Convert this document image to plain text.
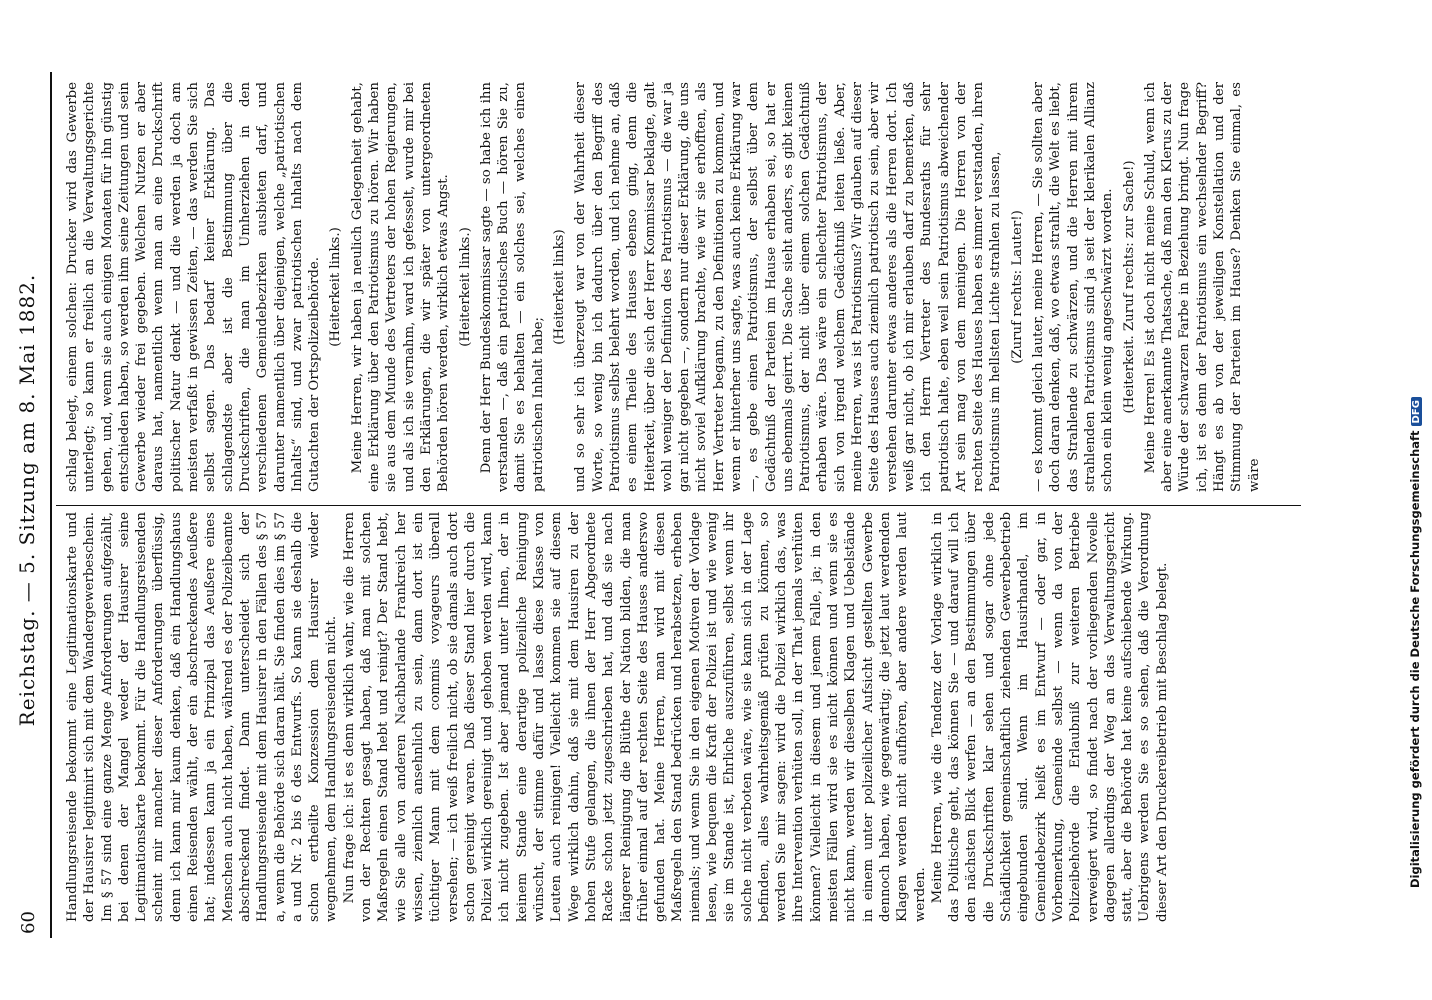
60
Reichstag. — 5. Sitzung am 8. Mai 1882. Handlungsreisende bekommt eine Legitimationskarte und der Hausirer legitimirt sich mit dem Wandergewerbeschein. Im § 57 sind eine ganze Menge Anforderungen aufgezählt, bei denen der Mangel weder der Hausirer seine Legitimationskarte bekommt. Für die Handlungsreisenden scheint mir mancher dieser Anforderungen überflüssig, denn ich kann mir kaum denken, daß ein Handlungshaus einen Reisenden wählt, der ein abschreckendes Aeußere hat; indessen kann ja ein Prinzipal das Aeußere eines Menschen auch nicht haben, während es der Polizeibeamte abschreckend findet. Dann unterscheidet sich der Handlungsreisende mit dem Hausirer in den Fällen des § 57 a, wenn die Behörde sich daran hält. Sie finden dies im § 57 a und Nr. 2 bis 6 des Entwurfs. So kann sie deshalb die schon ertheilte Konzession dem Hausirer wieder wegnehmen, dem Handlungsreisenden nicht. Nun frage ich: ist es denn wirklich wahr, wie die Herren von der Rechten gesagt haben, daß man mit solchen Maßregeln einen Stand hebt und reinigt? Der Stand hebt, wie Sie alle von anderen Nachbarlande Frankreich her wissen, ziemlich ansehnlich zu sein, dann dort ist ein tüchtiger Mann mit dem commis voyageurs überall versehen; — ich weiß freilich nicht, ob sie damals auch dort schon gereinigt waren. Daß dieser Stand hier durch die Polizei wirklich gereinigt und gehoben werden wird, kann ich nicht zugeben. Ist aber jemand unter Ihnen, der in keinem Stande eine derartige polizeiliche Reinigung wünscht, der stimme dafür und lasse diese Klasse von Leuten auch reinigen! Vielleicht kommen sie auf diesem Wege wirklich dahin, daß sie mit dem Hausiren zu der hohen Stufe gelangen, die ihnen der Herr Abgeordnete Racke schon jetzt zugeschrieben hat, und daß sie nach längerer Reinigung die Blüthe der Nation bilden, die man früher einmal auf der rechten Seite des Hauses anderswo gefunden hat. Meine Herren, man wird mit diesen Maßregeln den Stand bedrücken und herabsetzen, erheben niemals; und wenn Sie in den eigenen Motiven der Vorlage lesen, wie bequem die Kraft der Polizei ist und wie wenig sie im Stande ist, Ehrliche auszuführen, selbst wenn ihr solche nicht verboten wäre, wie sie kann sich in der Lage befinden, alles wahrheitsgemäß prüfen zu können, so werden Sie mir sagen: wird die Polizei wirklich das, was ihre Intervention verhüten soll, in der That jemals verhüten können? Vielleicht in diesem und jenem Falle, ja; in den meisten Fällen wird sie es nicht können und wenn sie es nicht kann, werden wir dieselben Klagen und Uebelstände in einem unter polizeilicher Aufsicht gestellten Gewerbe dennoch haben, wie gegenwärtig; die jetzt laut werdenden Klagen werden nicht aufhören, aber andere werden laut werden. Meine Herren, wie die Tendenz der Vorlage wirklich in das Politische geht, das können Sie — und darauf will ich den nächsten Blick werfen — an den Bestimmungen über die Druckschriften klar sehen und sogar ohne jede Schädlichkeit gemeinschaftlich ziehenden Gewerbebetrieb eingebunden sind. Wenn im Hausirhandel, im Gemeindebezirk heißt es im Entwurf — oder gar, in Vorbemerkung, Gemeinde selbst — wenn da von der Polizeibehörde die Erlaubniß zur weiteren Betriebe verweigert wird, so findet nach der vorliegenden Novelle dagegen allerdings der Weg an das Verwaltungsgericht statt, aber die Behörde hat keine aufschiebende Wirkung. Uebrigens werden Sie es so sehen, daß die Verordnung dieser Art den Druckereibetrieb mit Beschlag belegt.

schlag belegt, einem solchen: Drucker wird das Gewerbe unterlegt; so kann er freilich an die Verwaltungsgerichte gehen, und, wenn sie auch einigen Monaten für ihn günstig entschieden haben, so werden ihm seine Zeitungen und sein Gewerbe wieder frei gegeben. Welchen Nutzen er aber daraus hat, namentlich wenn man an eine Druckschrift politischer Natur denkt — und die werden ja doch am meisten verfaßt in gewissen Zeiten, — das werden Sie sich selbst sagen. Das bedarf keiner Erklärung. Das schlagendste aber ist die Bestimmung über die Druckschriften, die man im Umherziehen in den verschiedenen Gemeindebezirken ausbieten darf, und darunter namentlich über diejenigen, welche „patriotischen Inhalts“ sind, und zwar patriotischen Inhalts nach dem Gutachten der Ortspolizeibehörde. (Heiterkeit links.) Meine Herren, wir haben ja neulich Gelegenheit gehabt, eine Erklärung über den Patriotismus zu hören. Wir haben sie aus dem Munde des Vertreters der hohen Regierungen, und als ich sie vernahm, ward ich gefesselt, wurde mir bei den Erklärungen, die wir später von untergeordneten Behörden hören werden, wirklich etwas Angst. (Heiterkeit links.) Denn der Herr Bundeskommissar sagte — so habe ich ihn verstanden —, daß ein patriotisches Buch — hören Sie zu, damit Sie es behalten — ein solches sei, welches einen patriotischen Inhalt habe;

(Heiterkeit links) und so sehr ich überzeugt war von der Wahrheit dieser Worte, so wenig bin ich dadurch über den Begriff des Patriotismus selbst belehrt worden, und ich nehme an, daß es einem Theile des Hauses ebenso ging, denn die Heiterkeit, über die sich der Herr Kommissar beklagte, galt wohl weniger der Definition des Patriotismus — die war ja gar nicht gegeben —, sondern nur dieser Erklärung, die uns nicht soviel Aufklärung brachte, wie wir sie erhofften, als Herr Vertreter begann, zu den Definitionen zu kommen, und wenn er hinterher uns sagte, was auch keine Erklärung war —, es gebe einen Patriotismus, der selbst über dem Gedächtniß der Parteien im Hause erhaben sei, so hat er uns ebenmals geirrt. Die Sache sieht anders, es gibt keinen Patriotismus, der nicht über einem solchen Gedächtniß erhaben wäre. Das wäre ein schlechter Patriotismus, der sich von irgend welchem Gedächtniß leiten ließe. Aber, meine Herren, was ist Patriotismus? Wir glauben auf dieser Seite des Hauses auch ziemlich patriotisch zu sein, aber wir verstehen darunter etwas anderes als die Herren dort. Ich weiß gar nicht, ob ich mir erlauben darf zu bemerken, daß ich den Herrn Vertreter des Bundesraths für sehr patriotisch halte, eben weil sein Patriotismus abweichender Art sein mag von dem meinigen. Die Herren von der rechten Seite des Hauses haben es immer verstanden, ihren Patriotismus im hellsten Lichte strahlen zu lassen, (Zuruf rechts: Lauter!) — es kommt gleich lauter, meine Herren, — Sie sollten aber doch daran denken, daß, wo etwas strahlt, die Welt es liebt, das Strahlende zu schwärzen, und die Herren mit ihrem strahlenden Patriotismus sind ja seit der klerikalen Allianz schon ein klein wenig angeschwärzt worden. (Heiterkeit. Zuruf rechts: zur Sache!) Meine Herren! Es ist doch nicht meine Schuld, wenn ich aber eine anerkannte Thatsache, daß man den Klerus zu der Würde der schwarzen Farbe in Beziehung bringt. Nun frage ich, ist es denn der Patriotismus ein wechselnder Begriff? Hängt es ab von der jeweiligen Konstellation und der Stimmung der Parteien im Hause? Denken Sie einmal, es wäre	Digitalisierung gefördert durch die Deutsche ForschungsgemeinschaftDFG
